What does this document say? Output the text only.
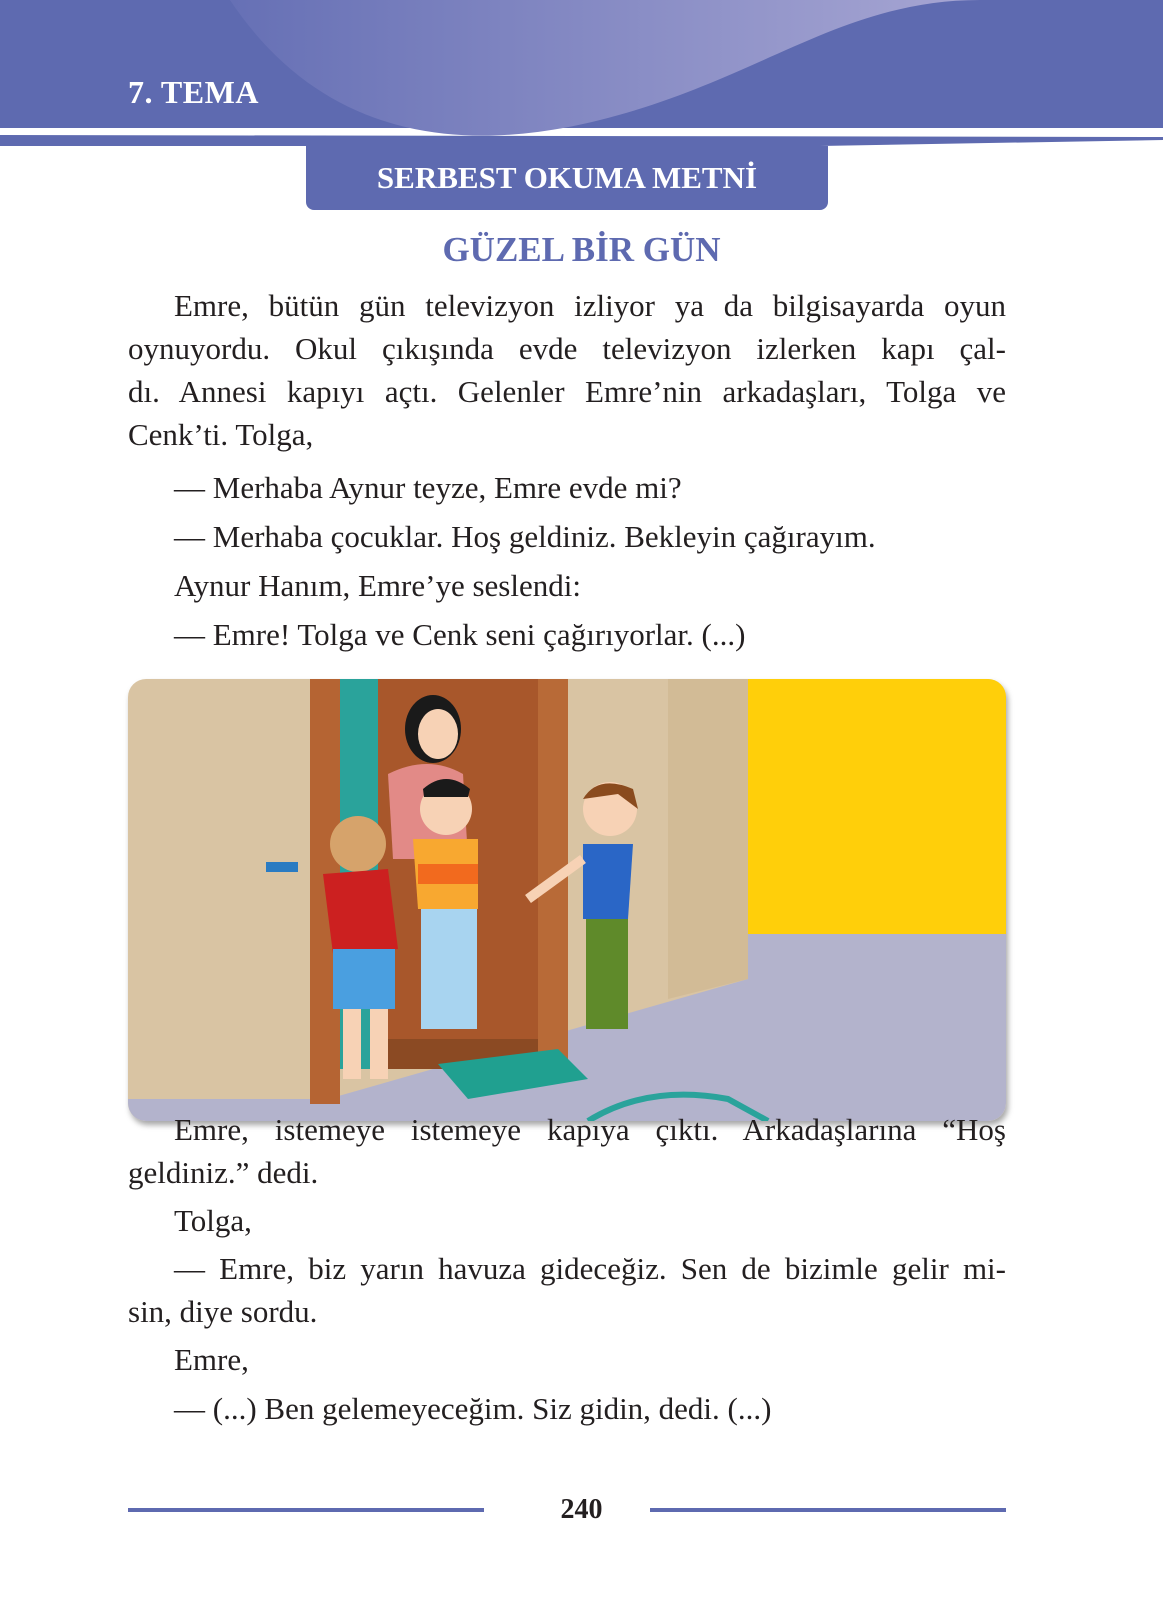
7. TEMA
SERBEST OKUMA METNİ
GÜZEL BİR GÜN
Emre, bütün gün televizyon izliyor ya da bilgisayarda oyun
oynuyordu. Okul çıkışında evde televizyon izlerken kapı çal-
dı. Annesi kapıyı açtı. Gelenler Emre’nin arkadaşları, Tolga ve
Cenk’ti. Tolga,
— Merhaba Aynur teyze, Emre evde mi?
— Merhaba çocuklar. Hoş geldiniz. Bekleyin çağırayım.
Aynur Hanım, Emre’ye seslendi:
— Emre! Tolga ve Cenk seni çağırıyorlar. (...)
Emre, istemeye istemeye kapıya çıktı. Arkadaşlarına “Hoş
geldiniz.” dedi.
Tolga,
— Emre, biz yarın havuza gideceğiz. Sen de bizimle gelir mi-
sin, diye sordu.
Emre,
— (...) Ben gelemeyeceğim. Siz gidin, dedi. (...)
240
